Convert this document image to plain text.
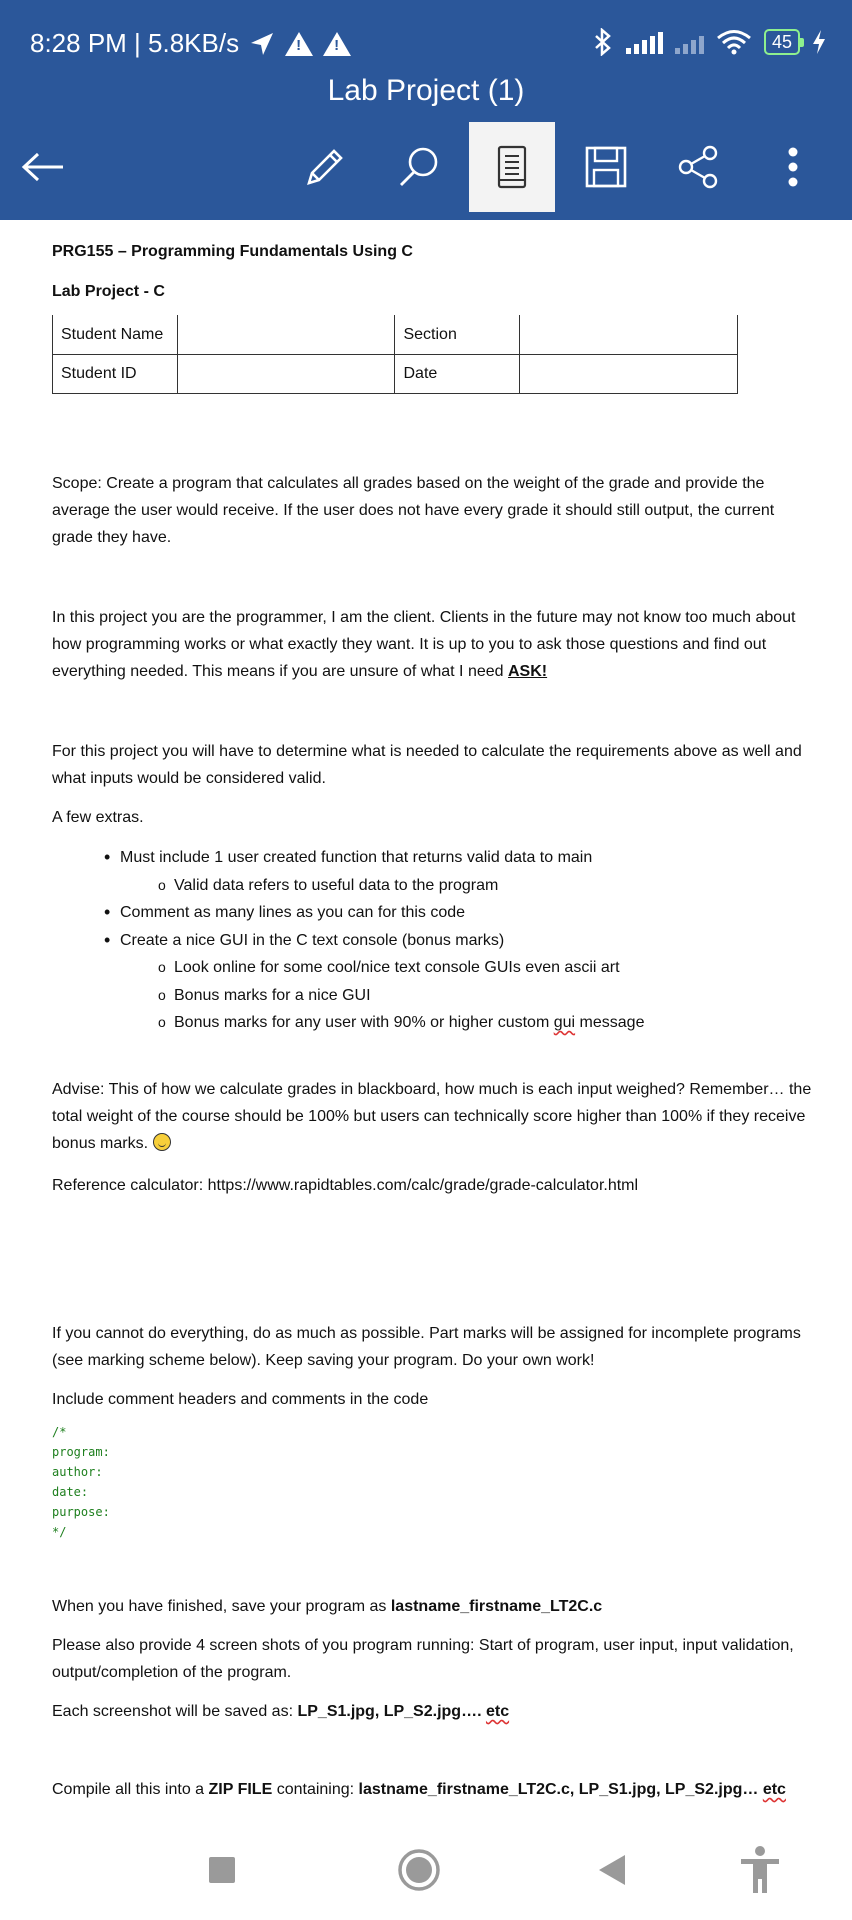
8:28 PM | 5.8KB/s ! !	45
Lab Project (1)

PRG155 – Programming Fundamentals Using C

Lab Project - C

Student Name		Section	
Student ID		Date	

Scope: Create a program that calculates all grades based on the weight of the grade and provide the average the user would receive. If the user does not have every grade it should still output, the current grade they have.

In this project you are the programmer, I am the client. Clients in the future may not know too much about how programming works or what exactly they want. It is up to you to ask those questions and find out everything needed. This means if you are unsure of what I need ASK!

For this project you will have to determine what is needed to calculate the requirements above as well and what inputs would be considered valid.

A few extras.

• Must include 1 user created function that returns valid data to main
o Valid data refers to useful data to the program
• Comment as many lines as you can for this code
• Create a nice GUI in the C text console (bonus marks)
o Look online for some cool/nice text console GUIs even ascii art
o Bonus marks for a nice GUI
o Bonus marks for any user with 90% or higher custom gui message

Advise: This of how we calculate grades in blackboard, how much is each input weighed? Remember… the total weight of the course should be 100% but users can technically score higher than 100% if they receive bonus marks.

Reference calculator: https://www.rapidtables.com/calc/grade/grade-calculator.html

If you cannot do everything, do as much as possible. Part marks will be assigned for incomplete programs (see marking scheme below). Keep saving your program. Do your own work!

Include comment headers and comments in the code

/*
program:
author:
date:
purpose:
*/

When you have finished, save your program as lastname_firstname_LT2C.c

Please also provide 4 screen shots of you program running: Start of program, user input, input validation, output/completion of the program.

Each screenshot will be saved as: LP_S1.jpg, LP_S2.jpg…. etc

Compile all this into a ZIP FILE containing: lastname_firstname_LT2C.c, LP_S1.jpg, LP_S2.jpg… etc
